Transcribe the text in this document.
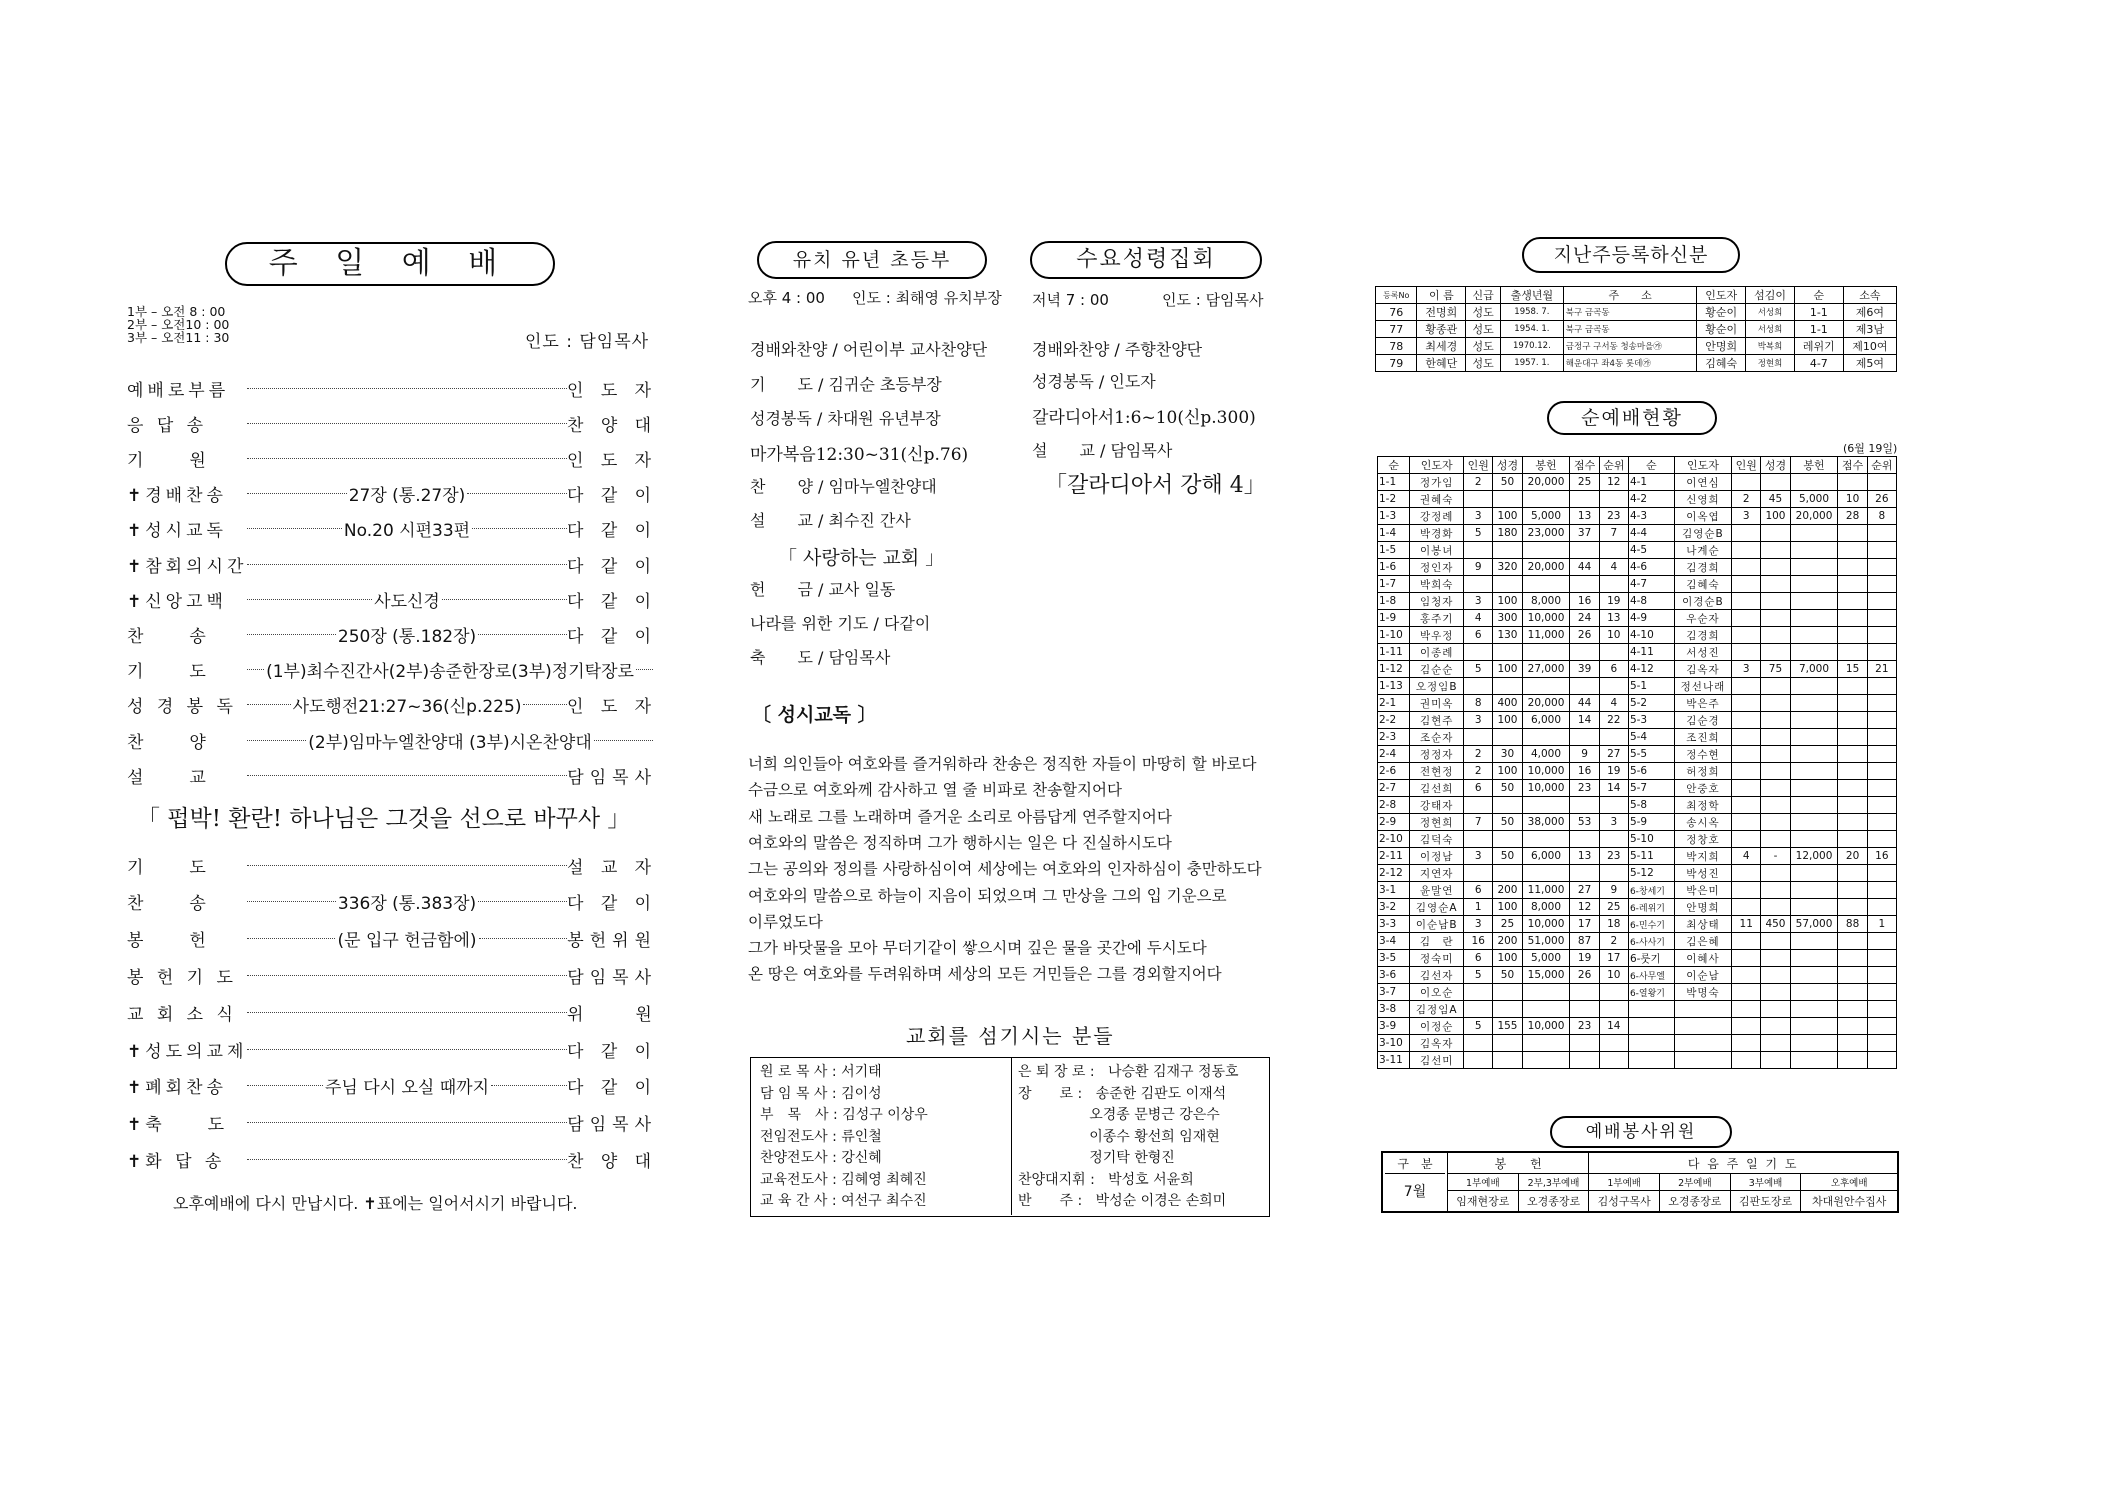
주 일 예 배
1부 – 오전 8 : 00
2부 – 오전10 : 00
3부 – 오전11 : 30	인도 : 담임목사
예배로부름	인 도 자
응 답 송	찬 양 대
기　　원	인 도 자
✝경배찬송	27장 (통.27장)	다 같 이
✝성시교독	No.20 시편33편	다 같 이
✝참회의시간	다 같 이
✝신앙고백	사도신경	다 같 이
찬　　송	250장 (통.182장)	다 같 이
기　　도	(1부)최수진간사(2부)송준한장로(3부)정기탁장로
성 경 봉 독	사도행전21:27~36(신p.225)	인 도 자
찬　　양	(2부)임마누엘찬양대 (3부)시온찬양대
설　　교	담임목사
「 펍박! 환란! 하나님은 그것을 선으로 바꾸사 」
기　　도	설 교 자
찬　　송	336장 (통.383장)	다 같 이
봉　　헌	(문 입구 헌금함에)	봉헌위원
봉 헌 기 도	담임목사
교 회 소 식	위　　원
✝성도의교제	다 같 이
✝폐회찬송	주님 다시 오실 때까지	다 같 이
✝축　　도	담임목사
✝화 답 송	찬 양 대
오후예배에 다시 만납시다. ✝표에는 일어서시기 바랍니다.
유치 유년 초등부	수요성령집회
오후 4 : 00 인도 : 최해영 유치부장 저녁 7 : 00	인도 : 담임목사
경배와찬양 / 어린이부 교사찬양단
기　　도 / 김귀순 초등부장
성경봉독 / 차대원 유년부장
마가복음12:30~31(신p.76)
찬　　양 / 임마누엘찬양대
설　　교 / 최수진 간사
「 사랑하는 교회 」
헌　　금 / 교사 일동
나라를 위한 기도 / 다같이
축　　도 / 담임목사
경배와찬양 / 주향찬양단
성경봉독 / 인도자
갈라디아서1:6~10(신p.300)
설　　교 / 담임목사
「갈라디아서 강해 4」
〔 성시교독 〕
너희 의인들아 여호와를 즐거워하라 찬송은 정직한 자들이 마땅히 할 바로다
수금으로 여호와께 감사하고 열 줄 비파로 찬송할지어다
새 노래로 그를 노래하며 즐거운 소리로 아름답게 연주할지어다
여호와의 말씀은 정직하며 그가 행하시는 일은 다 진실하시도다
그는 공의와 정의를 사랑하심이여 세상에는 여호와의 인자하심이 충만하도다
여호와의 말씀으로 하늘이 지음이 되었으며 그 만상을 그의 입 기운으로
이루었도다
그가 바닷물을 모아 무더기같이 쌓으시며 깊은 물을 곳간에 두시도다
온 땅은 여호와를 두려워하며 세상의 모든 거민들은 그를 경외할지어다
교회를 섬기시는 분들
원 로 목 사 : 서기태
담 임 목 사 : 김이성
부　목　사 : 김성구 이상우
전임전도사 : 류인철
찬양전도사 : 강신혜
교육전도사 : 김혜영 최혜진
교 육 간 사 : 여선구 최수진
은 퇴 장 로 :   나승환 김재구 정동호
장　　로 :   송준한 김판도 이재석
오경종 문병근 강은수
이종수 황선희 임재현
정기탁 한형진
찬양대지휘 :   박성호 서윤희
반　　주 :   박성순 이경은 손희미
지난주등록하신분
등록No	이 름	신급	출생년월	주　　소	인도자	섬김이	순	소속
76	전명희	성도	1958. 7.	북구 금곡동	황순이	서성희	1-1	제6여
77	황종관	성도	1954. 1.	북구 금곡동	황순이	서성희	1-1	제3남
78	최세경	성도	1970.12.	금정구 구서동 청송마을㉮	안명희	박복희	레위기	제10여
79	한혜단	성도	1957. 1.	해운대구 좌4동 롯데㉮	김혜숙	정현희	4-7	제5여
순예배현황
(6월 19일)
순	인도자	인원	성경	봉헌	점수	순위	순	인도자	인원	성경	봉헌	점수	순위
1-1	정가임	2	50	20,000	25	12	4-1	이연심					
1-2	권혜숙						4-2	신영희	2	45	5,000	10	26
1-3	강정례	3	100	5,000	13	23	4-3	이옥엽	3	100	20,000	28	8
1-4	박경화	5	180	23,000	37	7	4-4	김영순B					
1-5	이봉녀						4-5	나계순					
1-6	정인자	9	320	20,000	44	4	4-6	김경희					
1-7	박희숙						4-7	김혜숙					
1-8	임청자	3	100	8,000	16	19	4-8	이경순B					
1-9	홍주기	4	300	10,000	24	13	4-9	우순자					
1-10	박우정	6	130	11,000	26	10	4-10	김경희					
1-11	이종례						4-11	서성진					
1-12	김순순	5	100	27,000	39	6	4-12	김옥자	3	75	7,000	15	21
1-13	오정임B						5-1	정선나래					
2-1	권미옥	8	400	20,000	44	4	5-2	박은주					
2-2	김현주	3	100	6,000	14	22	5-3	김순경					
2-3	조순자						5-4	조진희					
2-4	정정자	2	30	4,000	9	27	5-5	정수현					
2-6	전현정	2	100	10,000	16	19	5-6	허정희					
2-7	김선희	6	50	10,000	23	14	5-7	안중호					
2-8	강태자						5-8	최정학					
2-9	정현희	7	50	38,000	53	3	5-9	송시옥					
2-10	김덕숙						5-10	정창호					
2-11	이정남	3	50	6,000	13	23	5-11	박지희	4	-	12,000	20	16
2-12	지연자						5-12	박성진					
3-1	윤말연	6	200	11,000	27	9	6-창세기	박은미					
3-2	김영순A	1	100	8,000	12	25	6-레위기	안명희					
3-3	이순남B	3	25	10,000	17	18	6-민수기	최상태	11	450	57,000	88	1
3-4	김　란	16	200	51,000	87	2	6-사사기	김은혜					
3-5	정숙미	6	100	5,000	19	17	6-룻기	이혜사					
3-6	김선자	5	50	15,000	26	10	6-사무엘	이순남					
3-7	이오순						6-열왕기	박명숙					
3-8	김정임A												
3-9	이정순	5	155	10,000	23	14							
3-10	김옥자												
3-11	김선미												
예배봉사위원
구　분
7월	봉　　헌		다 음 주 일 기 도			
	1부예배	2부,3부예배	1부예배	2부예배	3부예배	오후예배
	임재현장로	오경종장로	김성구목사	오경종장로	김판도장로	차대원안수집사
